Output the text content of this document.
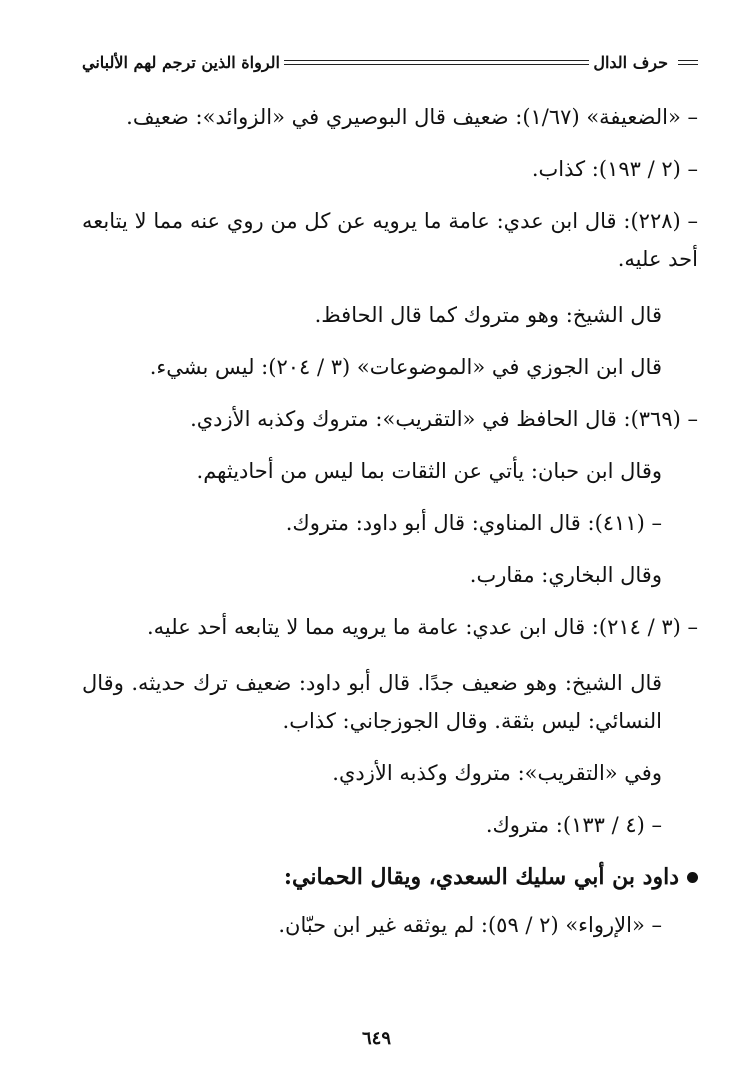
حرف الدال
الرواة الذين ترجم لهم الألباني

– «الضعيفة» (١/٦٧): ضعيف قال البوصيري في «الزوائد»: ضعيف.

– (٢ / ١٩٣): كذاب.

– (٢٢٨): قال ابن عدي: عامة ما يرويه عن كل من روي عنه مما لا يتابعه أحد عليه.

قال الشيخ: وهو متروك كما قال الحافظ.

قال ابن الجوزي في «الموضوعات» (٣ / ٢٠٤): ليس بشيء.

– (٣٦٩): قال الحافظ في «التقريب»: متروك وكذبه الأزدي.

وقال ابن حبان: يأتي عن الثقات بما ليس من أحاديثهم.

– (٤١١): قال المناوي: قال أبو داود: متروك.

وقال البخاري: مقارب.

– (٣ / ٢١٤): قال ابن عدي: عامة ما يرويه مما لا يتابعه أحد عليه.

قال الشيخ: وهو ضعيف جدًا. قال أبو داود: ضعيف ترك حديثه. وقال النسائي: ليس بثقة. وقال الجوزجاني: كذاب.

وفي «التقريب»: متروك وكذبه الأزدي.

– (٤ / ١٣٣): متروك.

داود بن أبي سليك السعدي، ويقال الحماني:

– «الإرواء» (٢ / ٥٩): لم يوثقه غير ابن حبّان.

٦٤٩
